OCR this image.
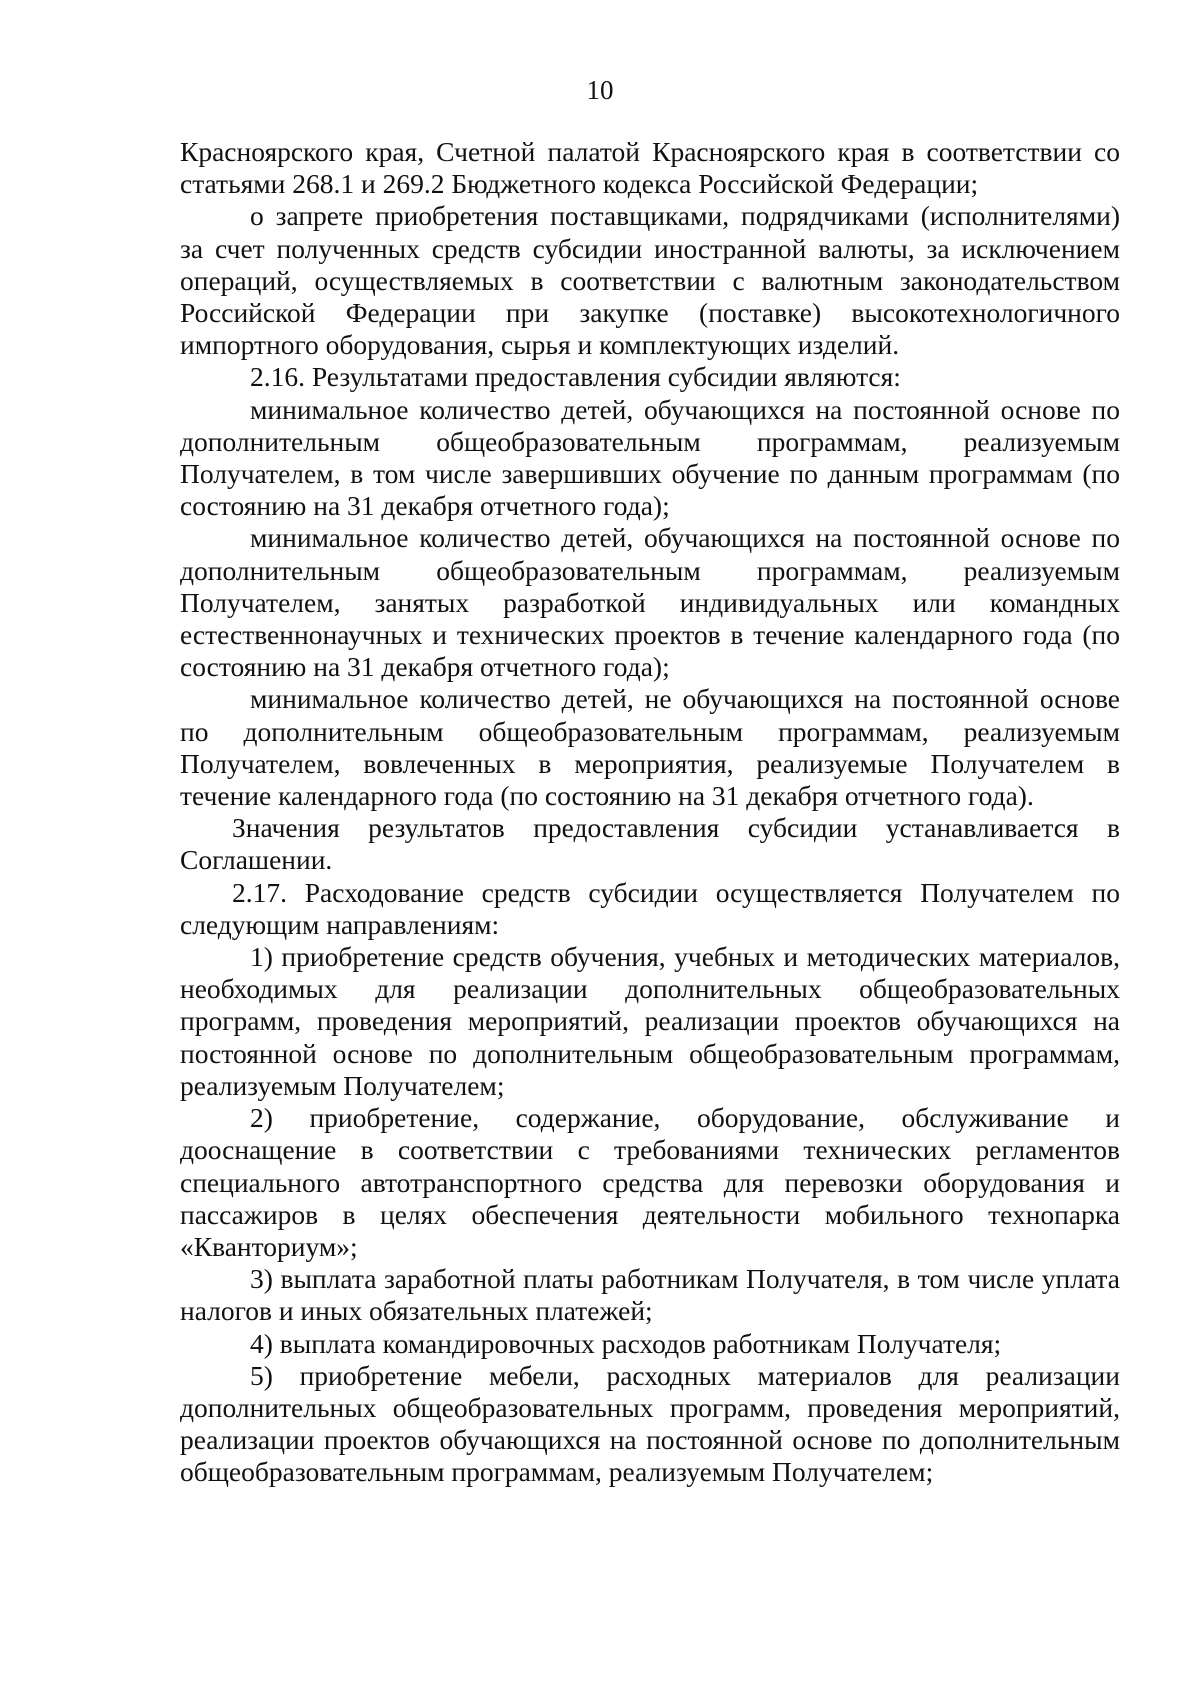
10

Красноярского края, Счетной палатой Красноярского края в соответствии со статьями 268.1 и 269.2 Бюджетного кодекса Российской Федерации;

о запрете приобретения поставщиками, подрядчиками (исполнителями) за счет полученных средств субсидии иностранной валюты, за исключением операций, осуществляемых в соответствии с валютным законодательством Российской Федерации при закупке (поставке) высокотехнологичного импортного оборудования, сырья и комплектующих изделий.

2.16. Результатами предоставления субсидии являются:

минимальное количество детей, обучающихся на постоянной основе по дополнительным общеобразовательным программам, реализуемым Получателем, в том числе завершивших обучение по данным программам (по состоянию на 31 декабря отчетного года);

минимальное количество детей, обучающихся на постоянной основе по дополнительным общеобразовательным программам, реализуемым Получателем, занятых разработкой индивидуальных или командных естественнонаучных и технических проектов в течение календарного года (по состоянию на 31 декабря отчетного года);

минимальное количество детей, не обучающихся на постоянной основе по дополнительным общеобразовательным программам, реализуемым Получателем, вовлеченных в мероприятия, реализуемые Получателем в течение календарного года (по состоянию на 31 декабря отчетного года).

Значения результатов предоставления субсидии устанавливается в Соглашении.

2.17. Расходование средств субсидии осуществляется Получателем по следующим направлениям:

1) приобретение средств обучения, учебных и методических материалов, необходимых для реализации дополнительных общеобразовательных программ, проведения мероприятий, реализации проектов обучающихся на постоянной основе по дополнительным общеобразовательным программам, реализуемым Получателем;

2) приобретение, содержание, оборудование, обслуживание и дооснащение в соответствии с требованиями технических регламентов специального автотранспортного средства для перевозки оборудования и пассажиров в целях обеспечения деятельности мобильного технопарка «Кванториум»;

3) выплата заработной платы работникам Получателя, в том числе уплата налогов и иных обязательных платежей;

4) выплата командировочных расходов работникам Получателя;

5) приобретение мебели, расходных материалов для реализации дополнительных общеобразовательных программ, проведения мероприятий, реализации проектов обучающихся на постоянной основе по дополнительным общеобразовательным программам, реализуемым Получателем;
